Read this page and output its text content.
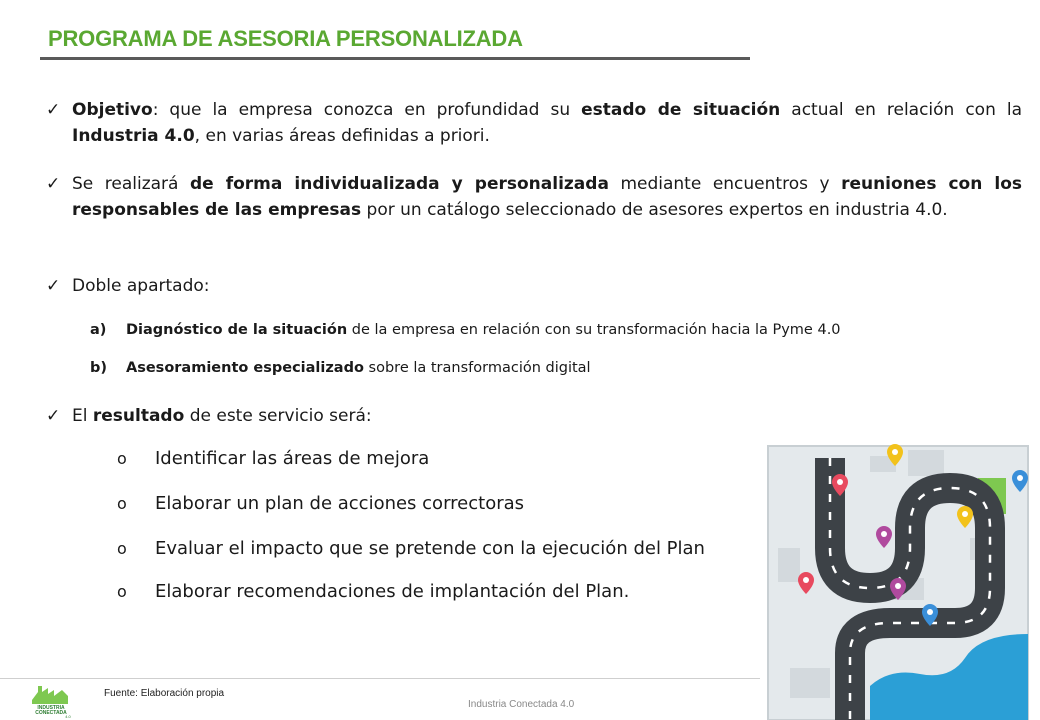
PROGRAMA DE ASESORIA PERSONALIZADA
✓ Objetivo: que la empresa conozca en profundidad su estado de situación actual en relación con la Industria 4.0, en varias áreas definidas a priori.
✓ Se realizará de forma individualizada y personalizada mediante encuentros y reuniones con los responsables de las empresas por un catálogo seleccionado de asesores expertos en industria 4.0.
✓ Doble apartado:
a) Diagnóstico de la situación de la empresa en relación con su transformación hacia la Pyme 4.0
b) Asesoramiento especializado sobre la transformación digital
✓ El resultado de este servicio será:
o Identificar las áreas de mejora
o Elaborar un plan de acciones correctoras
o Evaluar el impacto que se pretende con la ejecución del Plan
o Elaborar recomendaciones de implantación del Plan.
INDUSTRIA
CONECTADA
4.0
Fuente: Elaboración propia
Industria Conectada 4.0
